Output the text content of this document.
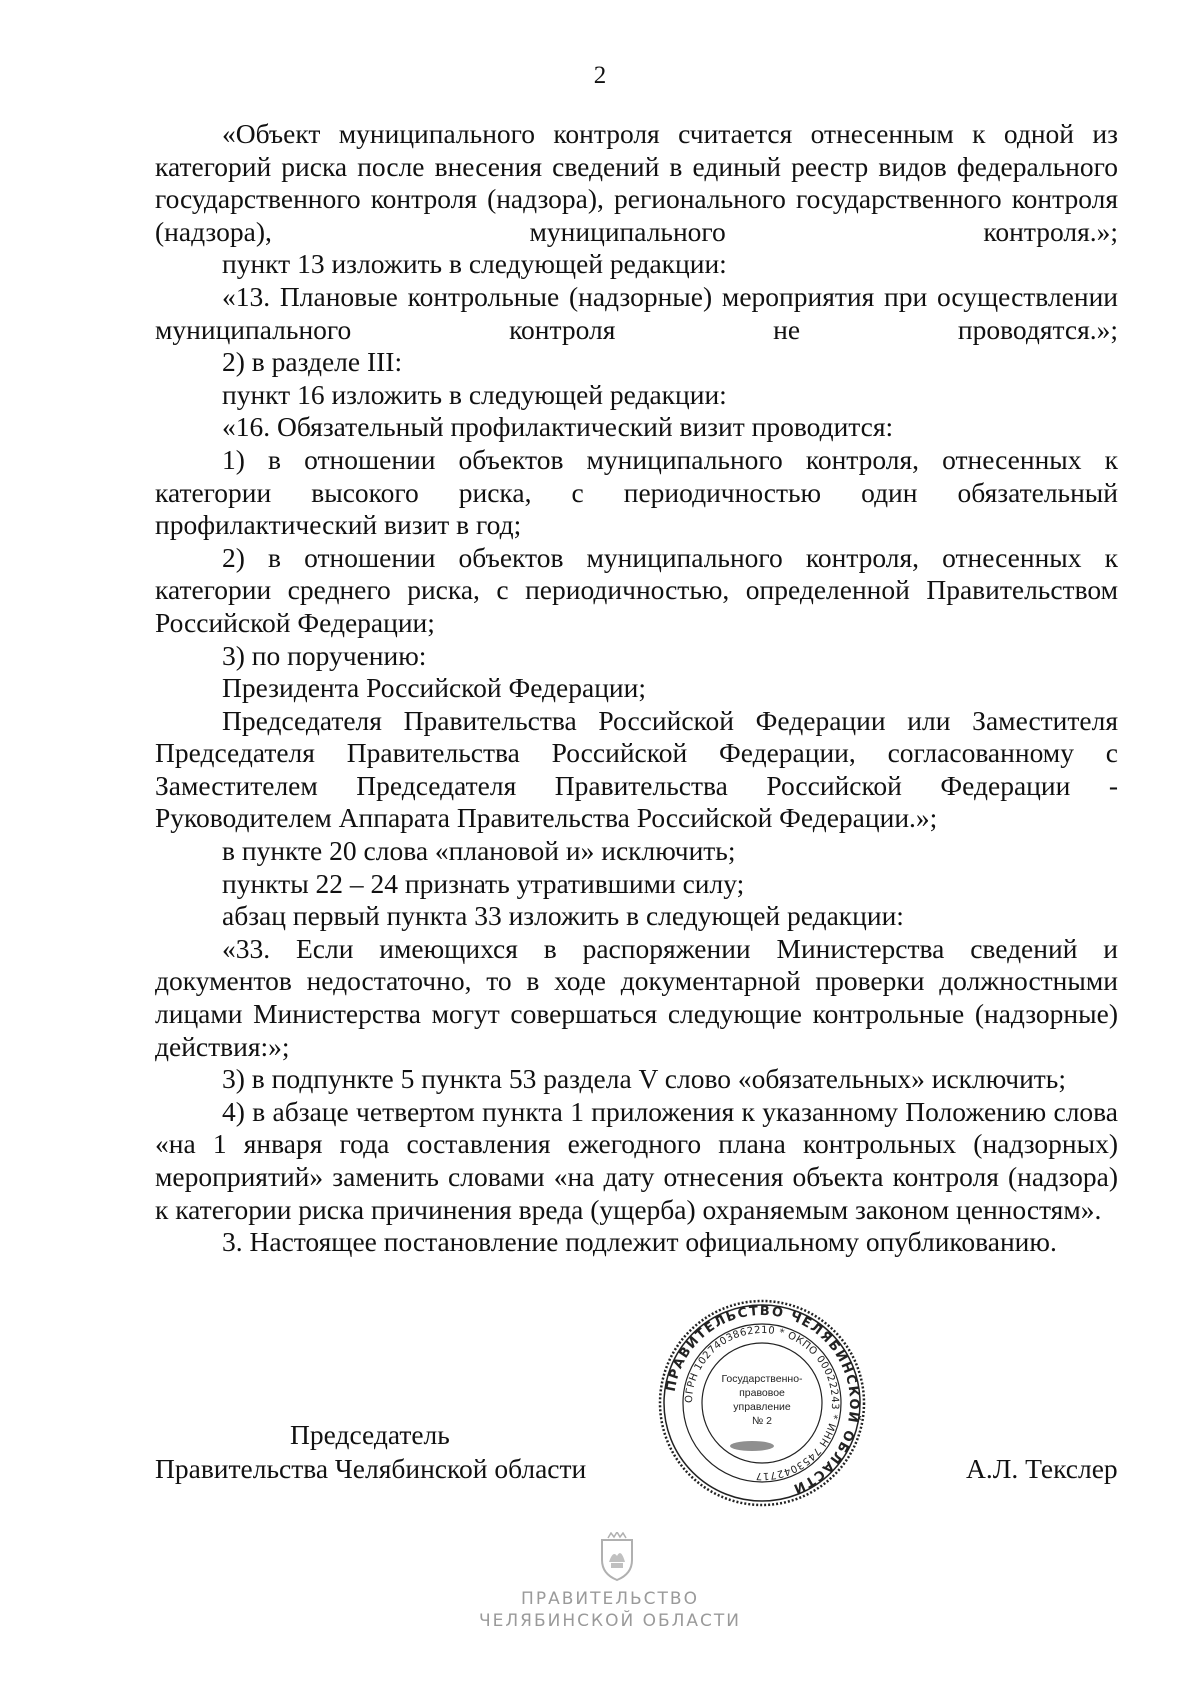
2

«Объект муниципального контроля считается отнесенным к одной из категорий риска после внесения сведений в единый реестр видов федерального государственного контроля (надзора), регионального государственного контроля (надзора), муниципального контроля.»;

пункт 13 изложить в следующей редакции:

«13. Плановые контрольные (надзорные) мероприятия при осуществлении муниципального контроля не проводятся.»;

2) в разделе III:

пункт 16 изложить в следующей редакции:

«16. Обязательный профилактический визит проводится:

1) в отношении объектов муниципального контроля, отнесенных к категории высокого риска, с периодичностью один обязательный профилактический визит в год;

2) в отношении объектов муниципального контроля, отнесенных к категории среднего риска, с периодичностью, определенной Правительством Российской Федерации;

3) по поручению:

Президента Российской Федерации;

Председателя Правительства Российской Федерации или Заместителя Председателя Правительства Российской Федерации, согласованному с Заместителем Председателя Правительства Российской Федерации - Руководителем Аппарата Правительства Российской Федерации.»;

в пункте 20 слова «плановой и» исключить;

пункты 22 – 24 признать утратившими силу;

абзац первый пункта 33 изложить в следующей редакции:

«33. Если имеющихся в распоряжении Министерства сведений и документов недостаточно, то в ходе документарной проверки должностными лицами Министерства могут совершаться следующие контрольные (надзорные) действия:»;

3) в подпункте 5 пункта 53 раздела V слово «обязательных» исключить;

4) в абзаце четвертом пункта 1 приложения к указанному Положению слова «на 1 января года составления ежегодного плана контрольных (надзорных) мероприятий» заменить словами «на дату отнесения объекта контроля (надзора) к категории риска причинения вреда (ущерба) охраняемым законом ценностям».

3. Настоящее постановление подлежит официальному опубликованию.

Председатель
Правительства Челябинской области	А.Л. Текслер
ПРАВИТЕЛЬСТВО ЧЕЛЯБИНСКОЙ ОБЛАСТИ
ОГРН 1027403862210 * ОКПО 00022243 * ИНН 7453042717
Государственно-
правовое
управление
№ 2
ПРАВИТЕЛЬСТВО
ЧЕЛЯБИНСКОЙ ОБЛАСТИ
